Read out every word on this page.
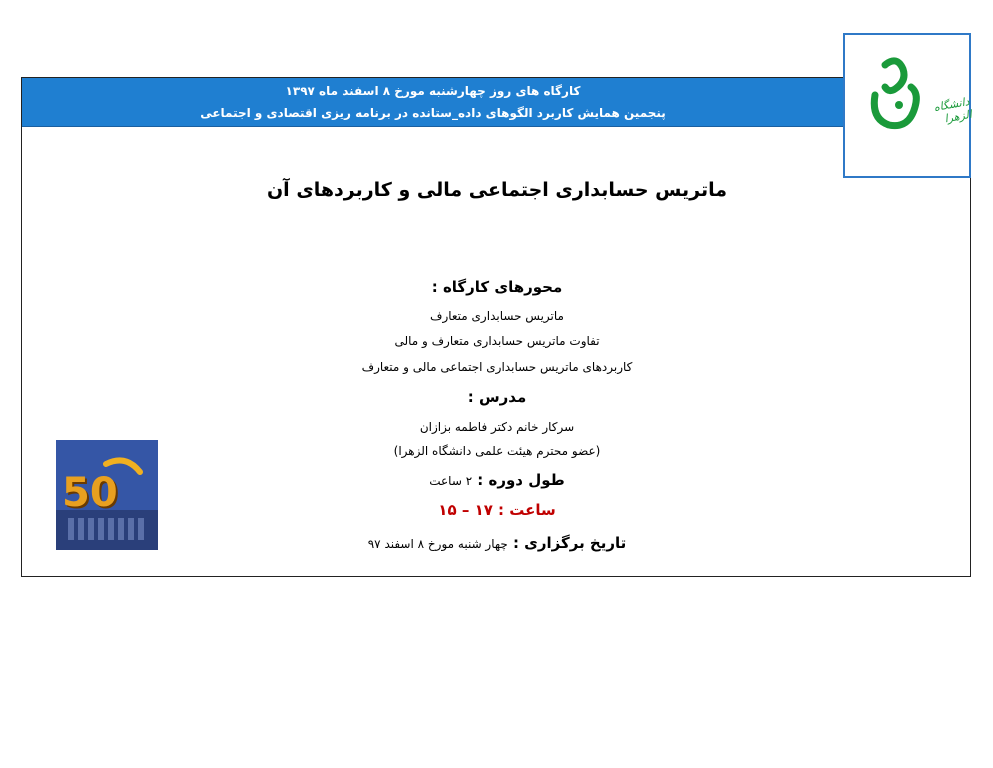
کارگاه های روز چهارشنبه مورخ ۸ اسفند ماه ۱۳۹۷
پنجمین همایش کاربرد الگوهای داده_ستانده در برنامه ریزی اقتصادی و اجتماعی
ماتریس حسابداری اجتماعی مالی و کاربردهای آن
محورهای کارگاه :
ماتریس حسابداری متعارف
تفاوت ماتریس حسابداری متعارف و مالی
کاربردهای ماتریس حسابداری اجتماعی مالی و متعارف
مدرس :
سرکار خانم دکتر فاطمه بزازان
(عضو محترم هیئت علمی دانشگاه الزهرا)
طول دوره : ۲ ساعت
ساعت : ۱۷ – ۱۵
تاریخ برگزاری : چهار شنبه مورخ ۸ اسفند ۹۷
دانشگاه الزهرا
50
